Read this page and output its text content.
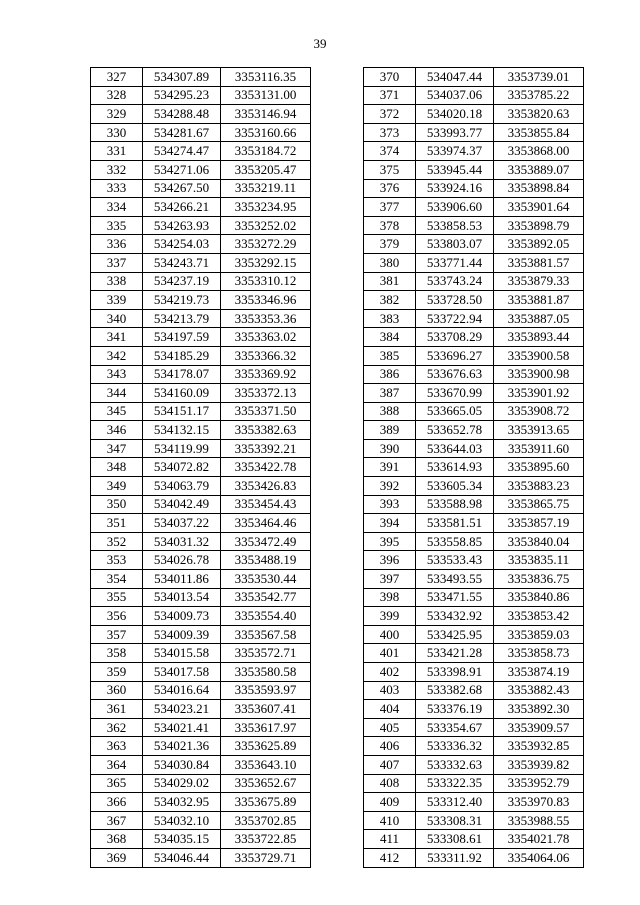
39
327	534307.89	3353116.35
328	534295.23	3353131.00
329	534288.48	3353146.94
330	534281.67	3353160.66
331	534274.47	3353184.72
332	534271.06	3353205.47
333	534267.50	3353219.11
334	534266.21	3353234.95
335	534263.93	3353252.02
336	534254.03	3353272.29
337	534243.71	3353292.15
338	534237.19	3353310.12
339	534219.73	3353346.96
340	534213.79	3353353.36
341	534197.59	3353363.02
342	534185.29	3353366.32
343	534178.07	3353369.92
344	534160.09	3353372.13
345	534151.17	3353371.50
346	534132.15	3353382.63
347	534119.99	3353392.21
348	534072.82	3353422.78
349	534063.79	3353426.83
350	534042.49	3353454.43
351	534037.22	3353464.46
352	534031.32	3353472.49
353	534026.78	3353488.19
354	534011.86	3353530.44
355	534013.54	3353542.77
356	534009.73	3353554.40
357	534009.39	3353567.58
358	534015.58	3353572.71
359	534017.58	3353580.58
360	534016.64	3353593.97
361	534023.21	3353607.41
362	534021.41	3353617.97
363	534021.36	3353625.89
364	534030.84	3353643.10
365	534029.02	3353652.67
366	534032.95	3353675.89
367	534032.10	3353702.85
368	534035.15	3353722.85
369	534046.44	3353729.71
370	534047.44	3353739.01
371	534037.06	3353785.22
372	534020.18	3353820.63
373	533993.77	3353855.84
374	533974.37	3353868.00
375	533945.44	3353889.07
376	533924.16	3353898.84
377	533906.60	3353901.64
378	533858.53	3353898.79
379	533803.07	3353892.05
380	533771.44	3353881.57
381	533743.24	3353879.33
382	533728.50	3353881.87
383	533722.94	3353887.05
384	533708.29	3353893.44
385	533696.27	3353900.58
386	533676.63	3353900.98
387	533670.99	3353901.92
388	533665.05	3353908.72
389	533652.78	3353913.65
390	533644.03	3353911.60
391	533614.93	3353895.60
392	533605.34	3353883.23
393	533588.98	3353865.75
394	533581.51	3353857.19
395	533558.85	3353840.04
396	533533.43	3353835.11
397	533493.55	3353836.75
398	533471.55	3353840.86
399	533432.92	3353853.42
400	533425.95	3353859.03
401	533421.28	3353858.73
402	533398.91	3353874.19
403	533382.68	3353882.43
404	533376.19	3353892.30
405	533354.67	3353909.57
406	533336.32	3353932.85
407	533332.63	3353939.82
408	533322.35	3353952.79
409	533312.40	3353970.83
410	533308.31	3353988.55
411	533308.61	3354021.78
412	533311.92	3354064.06
